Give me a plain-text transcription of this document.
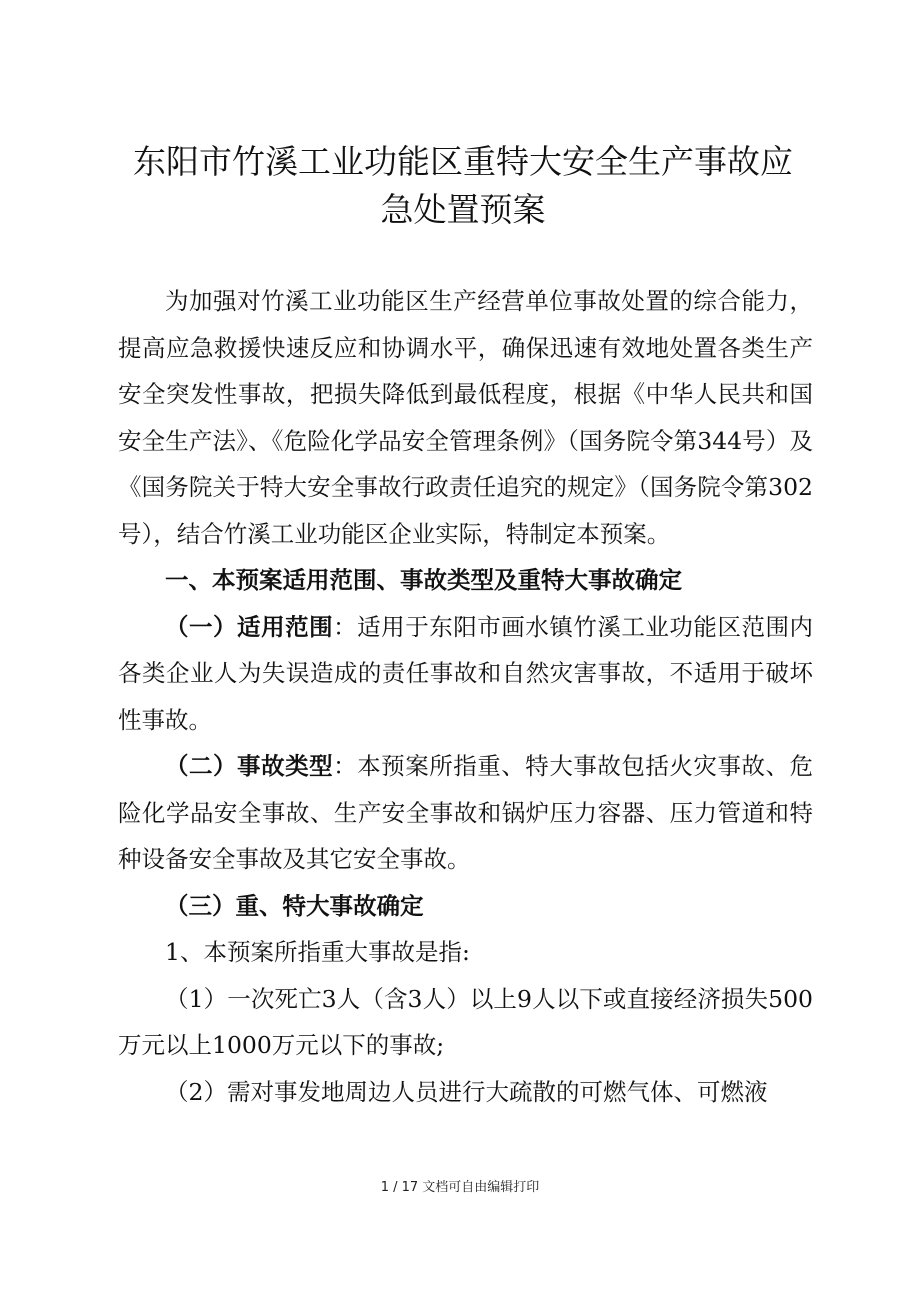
东阳市竹溪工业功能区重特大安全生产事故应急处置预案

为加强对竹溪工业功能区生产经营单位事故处置的综合能力，提高应急救援快速反应和协调水平，确保迅速有效地处置各类生产安全突发性事故，把损失降低到最低程度，根据《中华人民共和国安全生产法》、《危险化学品安全管理条例》（国务院令第344号）及《国务院关于特大安全事故行政责任追究的规定》（国务院令第302号），结合竹溪工业功能区企业实际，特制定本预案。

一、本预案适用范围、事故类型及重特大事故确定

（一）适用范围：适用于东阳市画水镇竹溪工业功能区范围内各类企业人为失误造成的责任事故和自然灾害事故，不适用于破坏性事故。

（二）事故类型：本预案所指重、特大事故包括火灾事故、危险化学品安全事故、生产安全事故和锅炉压力容器、压力管道和特种设备安全事故及其它安全事故。

（三）重、特大事故确定

1、本预案所指重大事故是指:

（1）一次死亡3人（含3人）以上9人以下或直接经济损失500万元以上1000万元以下的事故;

（2）需对事发地周边人员进行大疏散的可燃气体、可燃液

1 / 17 文档可自由编辑打印
